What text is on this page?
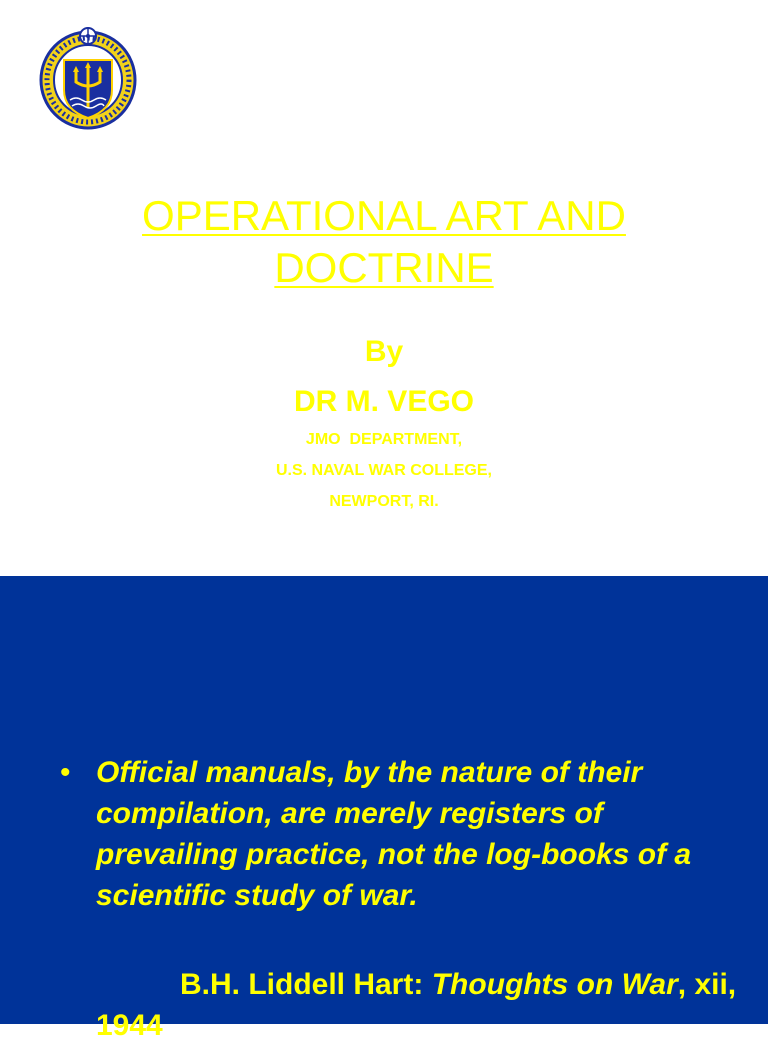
OPERATIONAL ART AND
DOCTRINE
By
DR M. VEGO
JMO  DEPARTMENT,
U.S. NAVAL WAR COLLEGE,
NEWPORT, RI.
• Official manuals, by the nature of their compilation, are merely registers of prevailing practice, not the log-books of a scientific study of war.
B.H. Liddell Hart: Thoughts on War, xii, 1944
